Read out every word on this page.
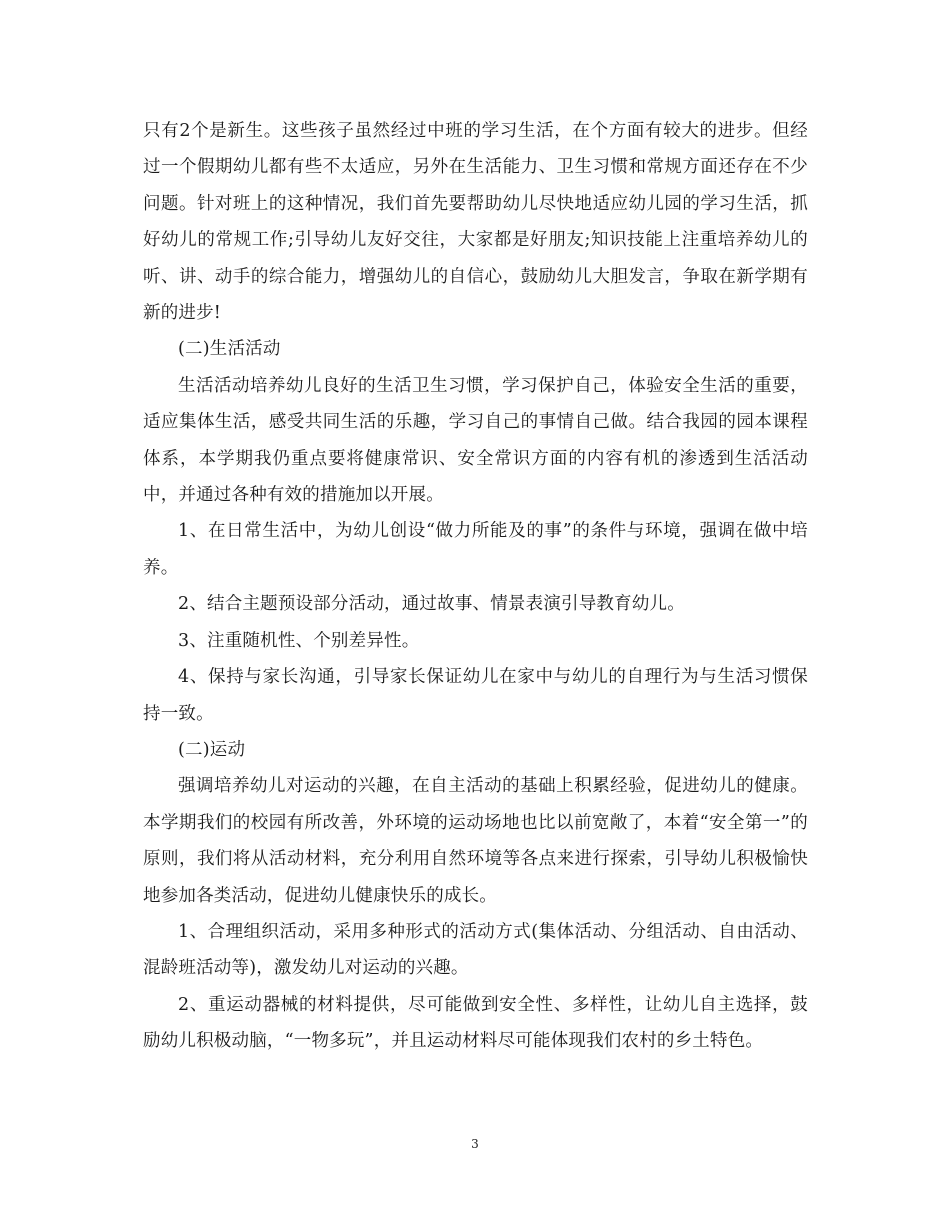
只有2个是新生。这些孩子虽然经过中班的学习生活，在个方面有较大的进步。但经过一个假期幼儿都有些不太适应，另外在生活能力、卫生习惯和常规方面还存在不少问题。针对班上的这种情况，我们首先要帮助幼儿尽快地适应幼儿园的学习生活，抓好幼儿的常规工作;引导幼儿友好交往，大家都是好朋友;知识技能上注重培养幼儿的听、讲、动手的综合能力，增强幼儿的自信心，鼓励幼儿大胆发言，争取在新学期有新的进步!

(二)生活活动

生活活动培养幼儿良好的生活卫生习惯，学习保护自己，体验安全生活的重要，适应集体生活，感受共同生活的乐趣，学习自己的事情自己做。结合我园的园本课程体系，本学期我仍重点要将健康常识、安全常识方面的内容有机的渗透到生活活动中，并通过各种有效的措施加以开展。

1、在日常生活中，为幼儿创设“做力所能及的事”的条件与环境，强调在做中培养。

2、结合主题预设部分活动，通过故事、情景表演引导教育幼儿。

3、注重随机性、个别差异性。

4、保持与家长沟通，引导家长保证幼儿在家中与幼儿的自理行为与生活习惯保持一致。

(二)运动

强调培养幼儿对运动的兴趣，在自主活动的基础上积累经验，促进幼儿的健康。本学期我们的校园有所改善，外环境的运动场地也比以前宽敞了，本着“安全第一”的原则，我们将从活动材料，充分利用自然环境等各点来进行探索，引导幼儿积极愉快地参加各类活动，促进幼儿健康快乐的成长。

1、合理组织活动，采用多种形式的活动方式(集体活动、分组活动、自由活动、混龄班活动等)，激发幼儿对运动的兴趣。

2、重运动器械的材料提供，尽可能做到安全性、多样性，让幼儿自主选择，鼓励幼儿积极动脑，“一物多玩”，并且运动材料尽可能体现我们农村的乡土特色。

3
